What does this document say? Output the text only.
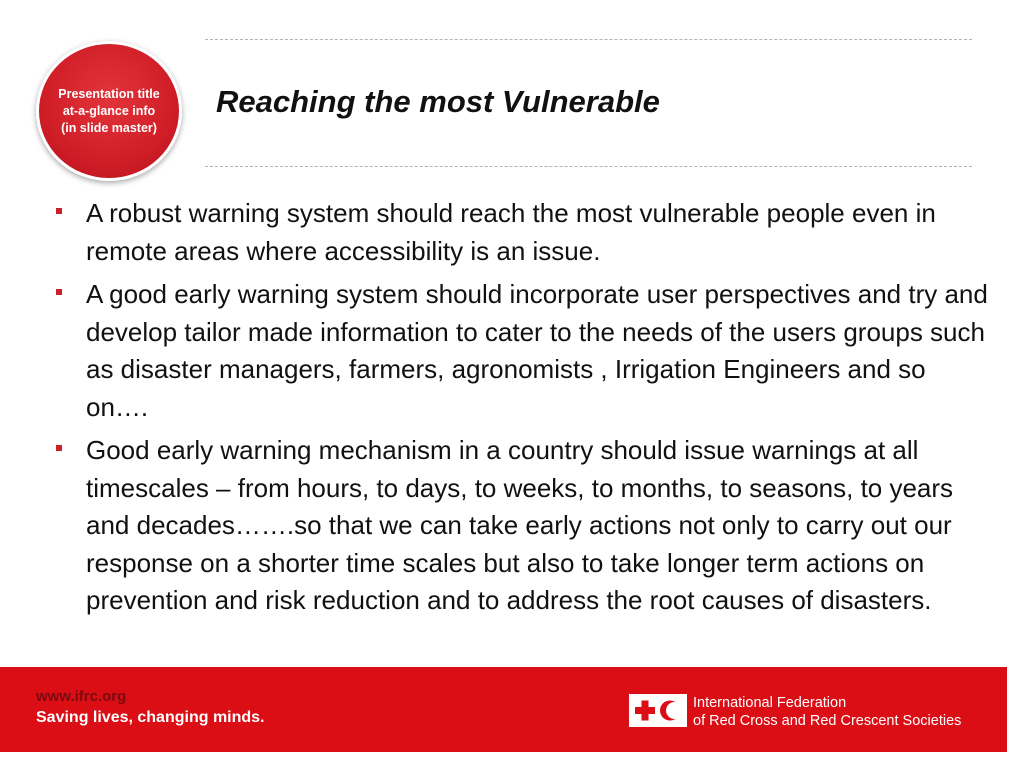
Presentation title
at-a-glance info
(in slide master)
Reaching the most Vulnerable
A robust warning system should reach the most vulnerable people even in remote areas where accessibility is an issue.
A good early warning system should incorporate user perspectives and try and develop tailor made information to cater to the needs of the users groups such as disaster managers, farmers, agronomists , Irrigation Engineers and so on….
Good early warning mechanism in a country should issue warnings at all timescales – from hours, to days, to weeks, to months, to seasons, to years and decades…….so that we can take early actions not only to carry out our response on a shorter time scales but also to take longer term actions on prevention and risk reduction and to address the root causes of disasters.
www.ifrc.org
Saving lives, changing minds.
International Federation
of Red Cross and Red Crescent Societies
